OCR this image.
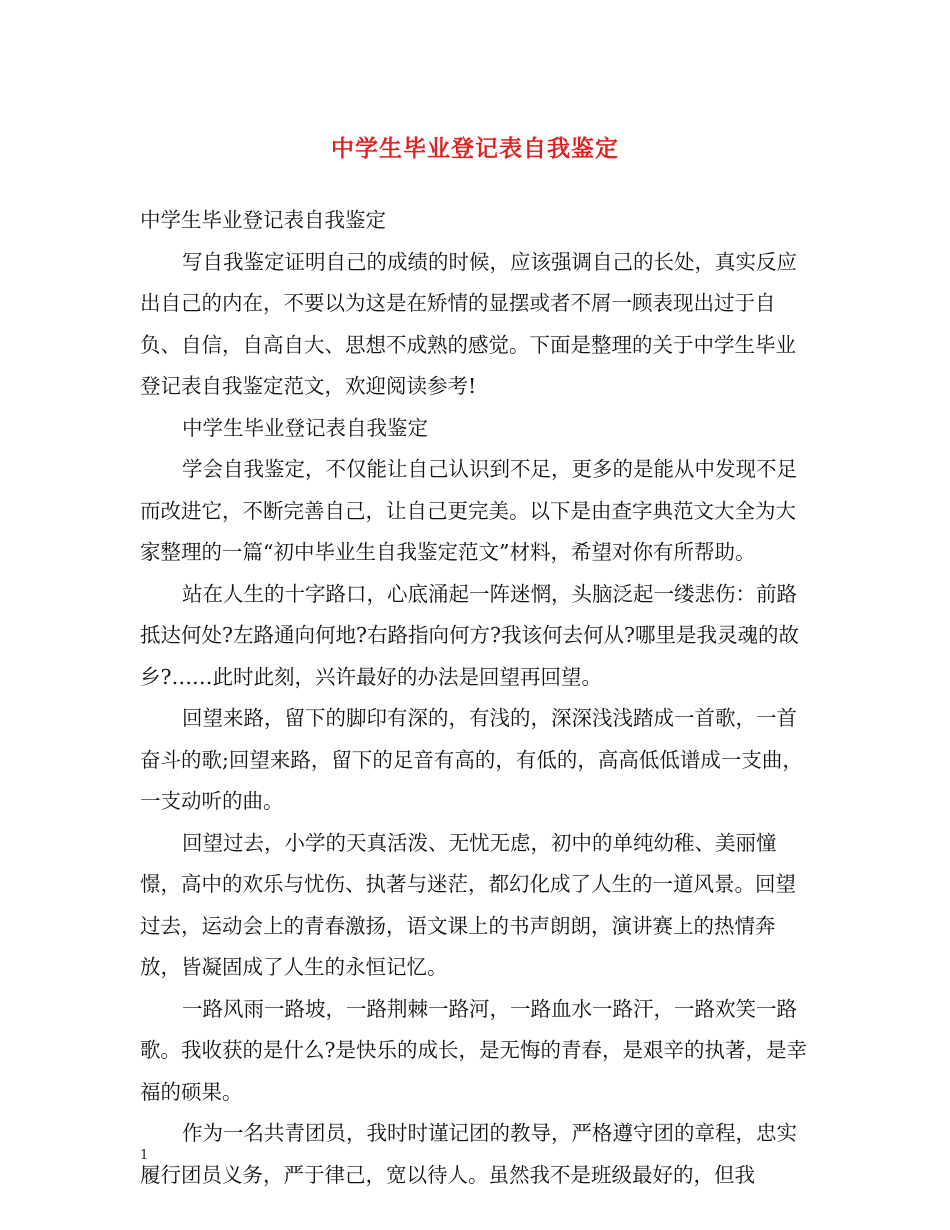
中学生毕业登记表自我鉴定

中学生毕业登记表自我鉴定

写自我鉴定证明自己的成绩的时候，应该强调自己的长处，真实反应出自己的内在，不要以为这是在矫情的显摆或者不屑一顾表现出过于自负、自信，自高自大、思想不成熟的感觉。下面是整理的关于中学生毕业登记表自我鉴定范文，欢迎阅读参考!

中学生毕业登记表自我鉴定

学会自我鉴定，不仅能让自己认识到不足，更多的是能从中发现不足而改进它，不断完善自己，让自己更完美。以下是由查字典范文大全为大家整理的一篇“初中毕业生自我鉴定范文”材料，希望对你有所帮助。

站在人生的十字路口，心底涌起一阵迷惘，头脑泛起一缕悲伤：前路抵达何处?左路通向何地?右路指向何方?我该何去何从?哪里是我灵魂的故乡?……此时此刻，兴许最好的办法是回望再回望。

回望来路，留下的脚印有深的，有浅的，深深浅浅踏成一首歌，一首奋斗的歌;回望来路，留下的足音有高的，有低的，高高低低谱成一支曲，一支动听的曲。

回望过去，小学的天真活泼、无忧无虑，初中的单纯幼稚、美丽憧憬，高中的欢乐与忧伤、执著与迷茫，都幻化成了人生的一道风景。回望过去，运动会上的青春激扬，语文课上的书声朗朗，演讲赛上的热情奔放，皆凝固成了人生的永恒记忆。

一路风雨一路坡，一路荆棘一路河，一路血水一路汗，一路欢笑一路歌。我收获的是什么?是快乐的成长，是无悔的青春，是艰辛的执著，是幸福的硕果。

作为一名共青团员，我时时谨记团的教导，严格遵守团的章程，忠实履行团员义务，严于律己，宽以待人。虽然我不是班级最好的，但我

1
